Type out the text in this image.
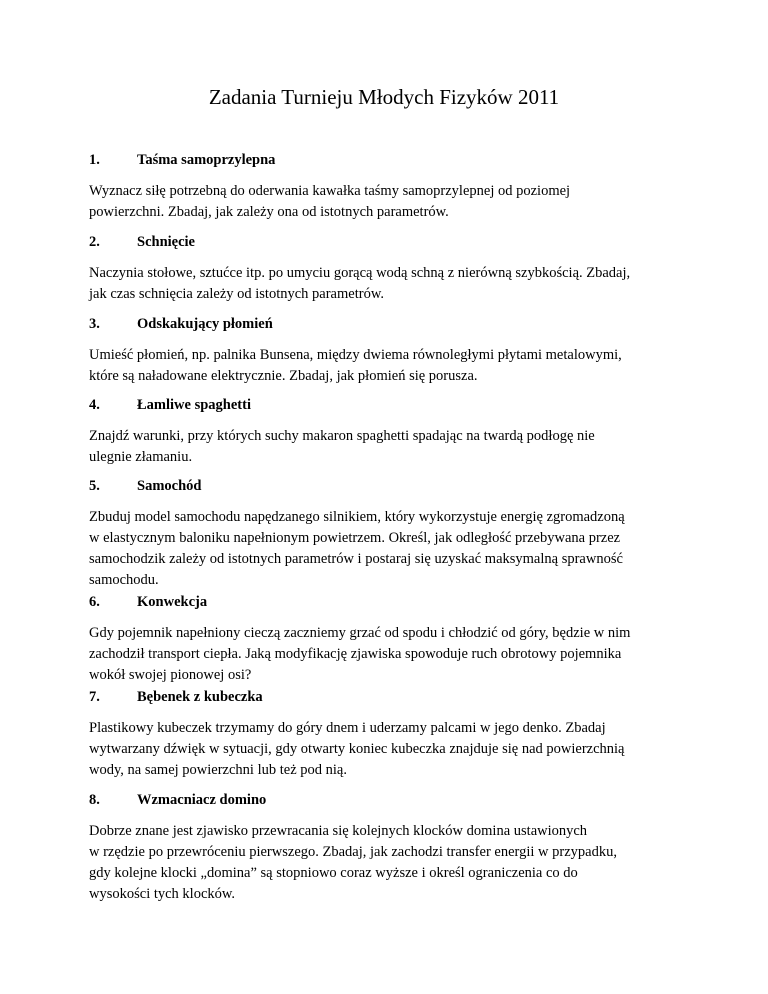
Zadania Turnieju Młodych Fizyków 2011
1.	Taśma samoprzylepna
Wyznacz siłę potrzebną do oderwania kawałka taśmy samoprzylepnej od poziomej
powierzchni. Zbadaj, jak zależy ona od istotnych parametrów.
2.	Schnięcie
Naczynia stołowe, sztućce itp. po umyciu gorącą wodą schną z nierówną szybkością. Zbadaj,
jak czas schnięcia zależy od istotnych parametrów.
3.	Odskakujący płomień
Umieść płomień, np. palnika Bunsena, między dwiema równoległymi płytami metalowymi,
które są naładowane elektrycznie. Zbadaj, jak płomień się porusza.
4.	Łamliwe spaghetti
Znajdź warunki, przy których suchy makaron spaghetti spadając na twardą podłogę nie
ulegnie złamaniu.
5.	Samochód
Zbuduj model samochodu napędzanego silnikiem, który wykorzystuje energię zgromadzoną
w elastycznym baloniku napełnionym powietrzem. Określ, jak odległość przebywana przez
samochodzik zależy od istotnych parametrów i postaraj się uzyskać maksymalną sprawność
samochodu.
6.	Konwekcja
Gdy pojemnik napełniony cieczą zaczniemy grzać od spodu i chłodzić od góry, będzie w nim
zachodził transport ciepła. Jaką modyfikację zjawiska spowoduje ruch obrotowy pojemnika
wokół swojej pionowej osi?
7.	Bębenek z kubeczka
Plastikowy kubeczek trzymamy do góry dnem i uderzamy palcami w jego denko. Zbadaj
wytwarzany dźwięk w sytuacji, gdy otwarty koniec kubeczka znajduje się nad powierzchnią
wody, na samej powierzchni lub też pod nią.
8.	Wzmacniacz domino
Dobrze znane jest zjawisko przewracania się kolejnych klocków domina ustawionych
w rzędzie po przewróceniu pierwszego. Zbadaj, jak zachodzi transfer energii w przypadku,
gdy kolejne klocki „domina” są stopniowo coraz wyższe i określ ograniczenia co do
wysokości tych klocków.
